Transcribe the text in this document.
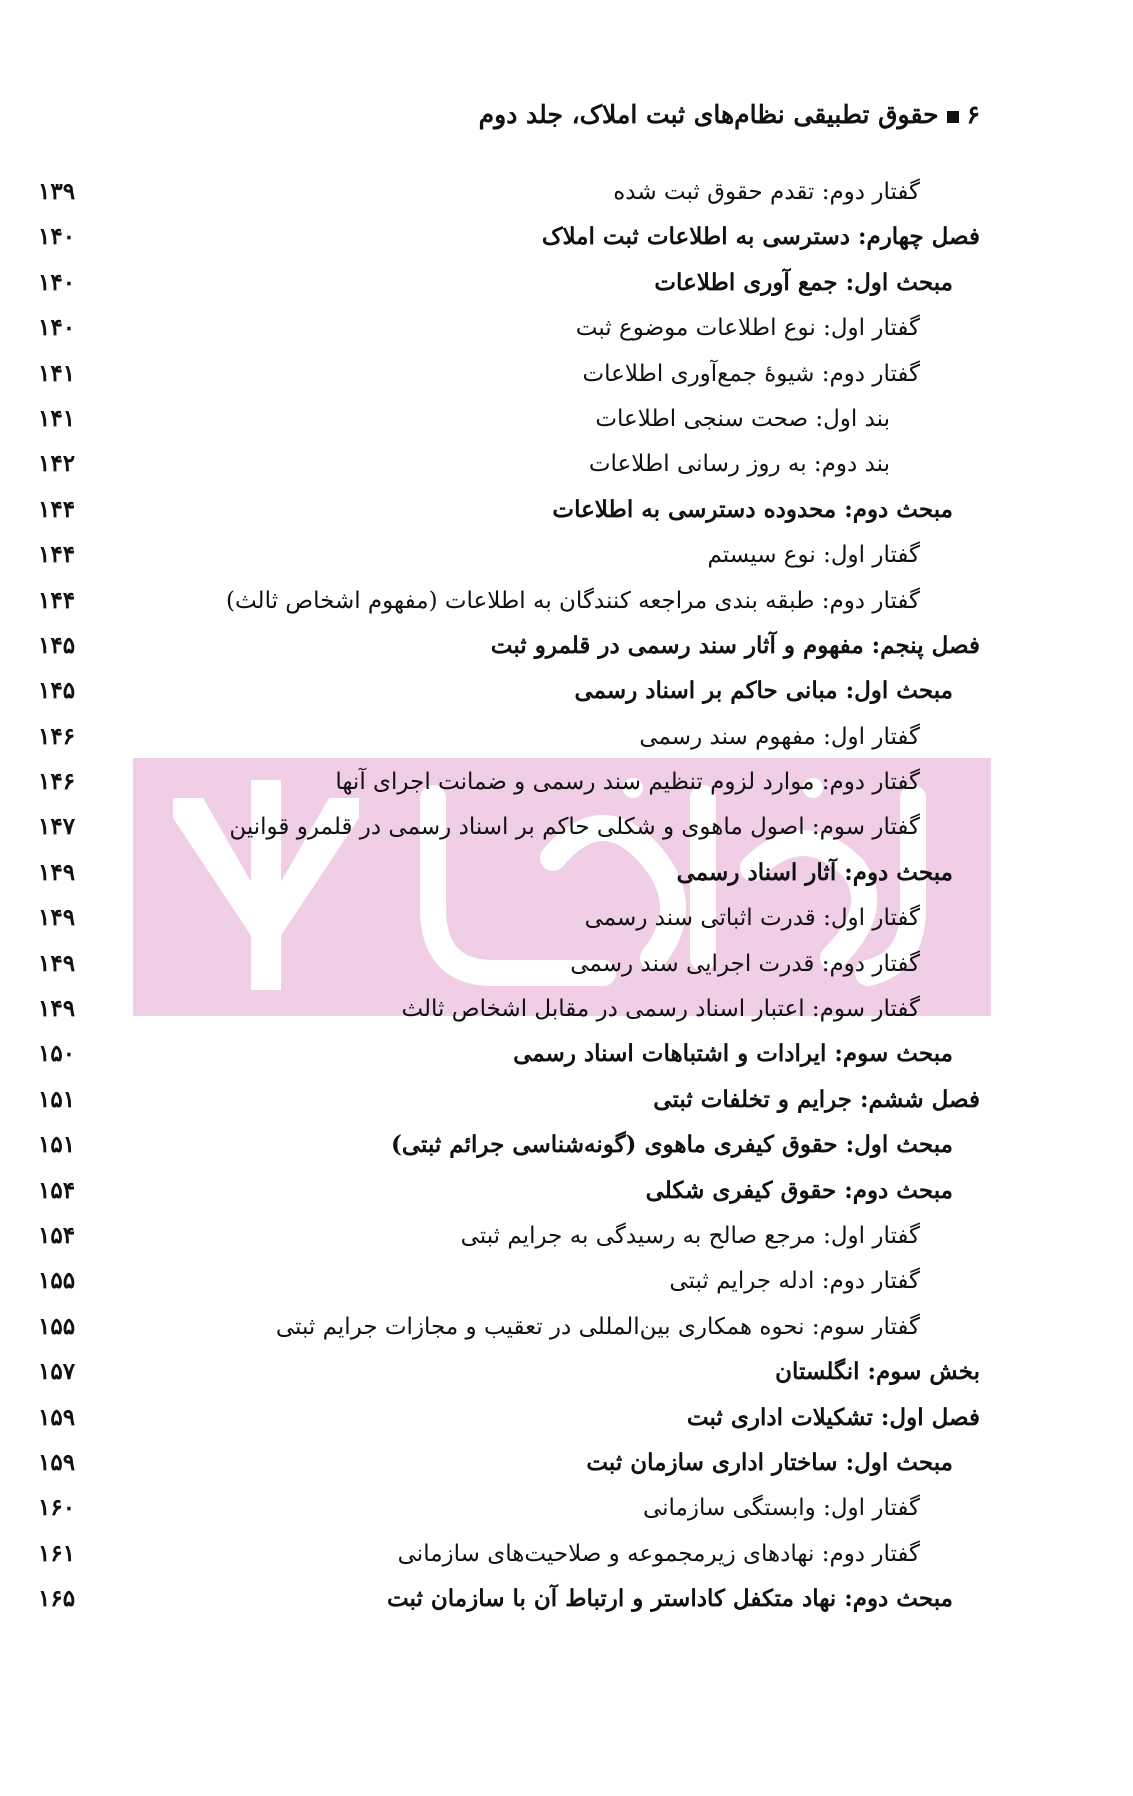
۶حقوق تطبیقی نظام‌های ثبت املاک، جلد دوم
گفتار دوم: تقدم حقوق ثبت شده
۱۳۹
فصل چهارم: دسترسی به اطلاعات ثبت املاک
۱۴۰
مبحث اول: جمع آوری اطلاعات
۱۴۰
گفتار اول: نوع اطلاعات موضوع ثبت
۱۴۰
گفتار دوم: شیوهٔ جمع‌آوری اطلاعات
۱۴۱
بند اول: صحت سنجی اطلاعات
۱۴۱
بند دوم: به روز رسانی اطلاعات
۱۴۲
مبحث دوم: محدوده دسترسی به اطلاعات
۱۴۴
گفتار اول: نوع سیستم
۱۴۴
گفتار دوم: طبقه بندی مراجعه کنندگان به اطلاعات (مفهوم اشخاص ثالث)
۱۴۴
فصل پنجم: مفهوم و آثار سند رسمی در قلمرو ثبت
۱۴۵
مبحث اول: مبانی حاکم بر اسناد رسمی
۱۴۵
گفتار اول: مفهوم سند رسمی
۱۴۶
گفتار دوم: موارد لزوم تنظیم سند رسمی و ضمانت اجرای آنها
۱۴۶
گفتار سوم: اصول ماهوی و شکلی حاکم بر اسناد رسمی در قلمرو قوانین
۱۴۷
مبحث دوم: آثار اسناد رسمی
۱۴۹
گفتار اول: قدرت اثباتی سند رسمی
۱۴۹
گفتار دوم: قدرت اجرایی سند رسمی
۱۴۹
گفتار سوم: اعتبار اسناد رسمی در مقابل اشخاص ثالث
۱۴۹
مبحث سوم: ایرادات و اشتباهات اسناد رسمی
۱۵۰
فصل ششم: جرایم و تخلفات ثبتی
۱۵۱
مبحث اول: حقوق کیفری ماهوی (گونه‌شناسی جرائم ثبتی)
۱۵۱
مبحث دوم: حقوق کیفری شکلی
۱۵۴
گفتار اول: مرجع صالح به رسیدگی به جرایم ثبتی
۱۵۴
گفتار دوم: ادله جرایم ثبتی
۱۵۵
گفتار سوم: نحوه همکاری بین‌المللی در تعقیب و مجازات جرایم ثبتی
۱۵۵
بخش سوم: انگلستان
۱۵۷
فصل اول: تشکیلات اداری ثبت
۱۵۹
مبحث اول: ساختار اداری سازمان ثبت
۱۵۹
گفتار اول: وابستگی سازمانی
۱۶۰
گفتار دوم: نهادهای زیرمجموعه و صلاحیت‌های سازمانی
۱۶۱
مبحث دوم: نهاد متکفل کاداستر و ارتباط آن با سازمان ثبت
۱۶۵
